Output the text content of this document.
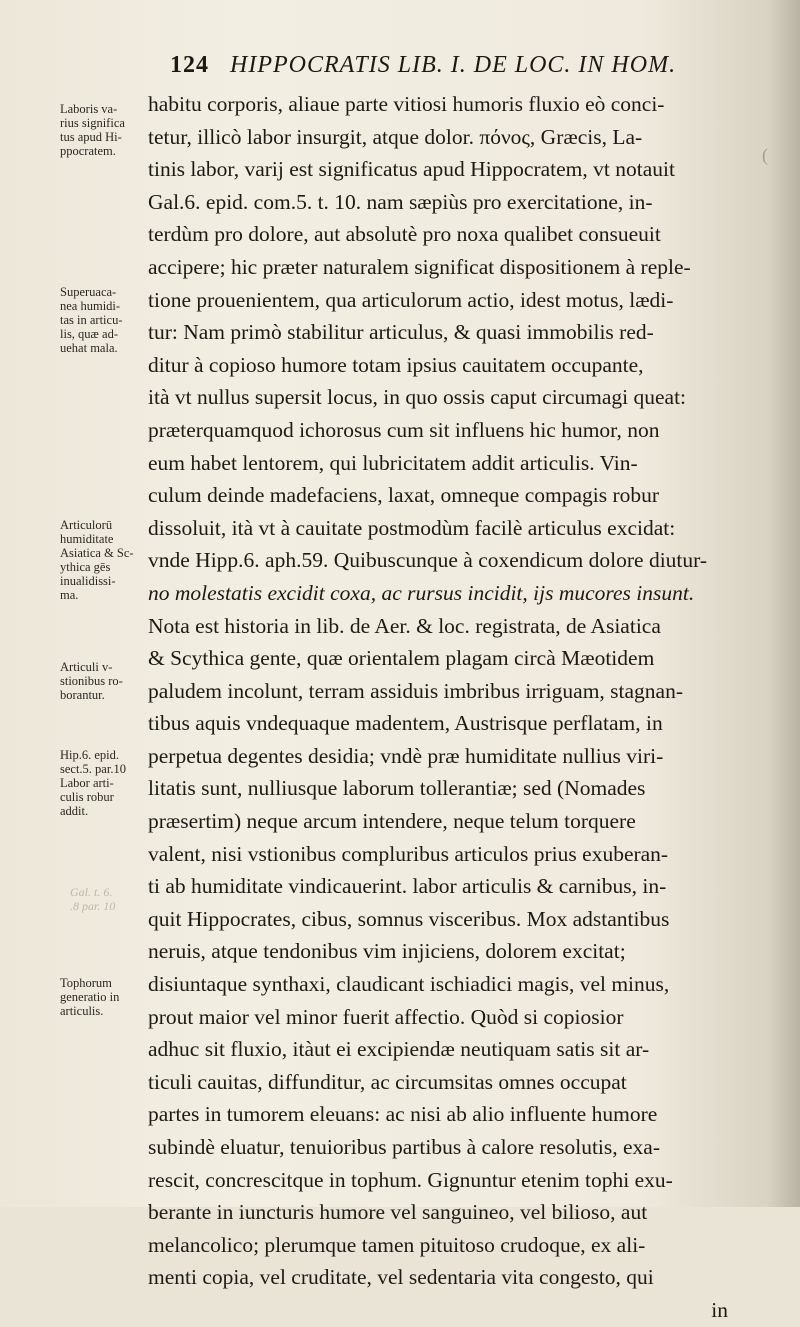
124 HIPPOCRATIS LIB. I. DE LOC. IN HOM.
(
habitu corporis, aliaue parte vitiosi humoris fluxio eò conci-
tetur, illicò labor insurgit, atque dolor. πόνος, Græcis, La-
tinis labor, varij est significatus apud Hippocratem, vt notauit
Gal.6. epid. com.5. t. 10. nam sæpiùs pro exercitatione, in-
terdùm pro dolore, aut absolutè pro noxa qualibet consueuit
accipere; hic præter naturalem significat dispositionem à reple-
tione prouenientem, qua articulorum actio, idest motus, lædi-
tur: Nam primò stabilitur articulus, & quasi immobilis red-
ditur à copioso humore totam ipsius cauitatem occupante,
ità vt nullus supersit locus, in quo ossis caput circumagi queat:
præterquamquod ichorosus cum sit influens hic humor, non
eum habet lentorem, qui lubricitatem addit articulis. Vin-
culum deinde madefaciens, laxat, omneque compagis robur
dissoluit, ità vt à cauitate postmodùm facilè articulus excidat:
vnde Hipp.6. aph.59. Quibuscunque à coxendicum dolore diutur-
no molestatis excidit coxa, ac rursus incidit, ijs mucores insunt.
Nota est historia in lib. de Aer. & loc. registrata, de Asiatica
& Scythica gente, quæ orientalem plagam circà Mæotidem
paludem incolunt, terram assiduis imbribus irriguam, stagnan-
tibus aquis vndequaque madentem, Austrisque perflatam, in
perpetua degentes desidia; vndè præ humiditate nullius viri-
litatis sunt, nulliusque laborum tollerantiæ; sed (Nomades
præsertim) neque arcum intendere, neque telum torquere
valent, nisi vstionibus compluribus articulos prius exuberan-
ti ab humiditate vindicauerint. labor articulis & carnibus, in-
quit Hippocrates, cibus, somnus visceribus. Mox adstantibus
neruis, atque tendonibus vim injiciens, dolorem excitat;
disiuntaque synthaxi, claudicant ischiadici magis, vel minus,
prout maior vel minor fuerit affectio. Quòd si copiosior
adhuc sit fluxio, itàut ei excipiendæ neutiquam satis sit ar-
ticuli cauitas, diffunditur, ac circumsitas omnes occupat
partes in tumorem eleuans: ac nisi ab alio influente humore
subindè eluatur, tenuioribus partibus à calore resolutis, exa-
rescit, concrescitque in tophum. Gignuntur etenim tophi exu-
berante in iuncturis humore vel sanguineo, vel bilioso, aut
melancolico; plerumque tamen pituitoso crudoque, ex ali-
menti copia, vel cruditate, vel sedentaria vita congesto, qui
in
Laboris va-
rius significa
tus apud Hi-
ppocratem.
Superuaca-
nea humidi-
tas in articu-
lis, quæ ad-
uehat mala.
Articulorū
humiditate
Asiatica & Sc-
ythica gēs
inualidissi-
ma.
Articuli v-
stionibus ro-
borantur.
Hip.6. epid.
sect.5. par.10
Labor arti-
culis robur
addit.
Tophorum
generatio in
articulis.
Gal. t. 6.
.8 par. 10
